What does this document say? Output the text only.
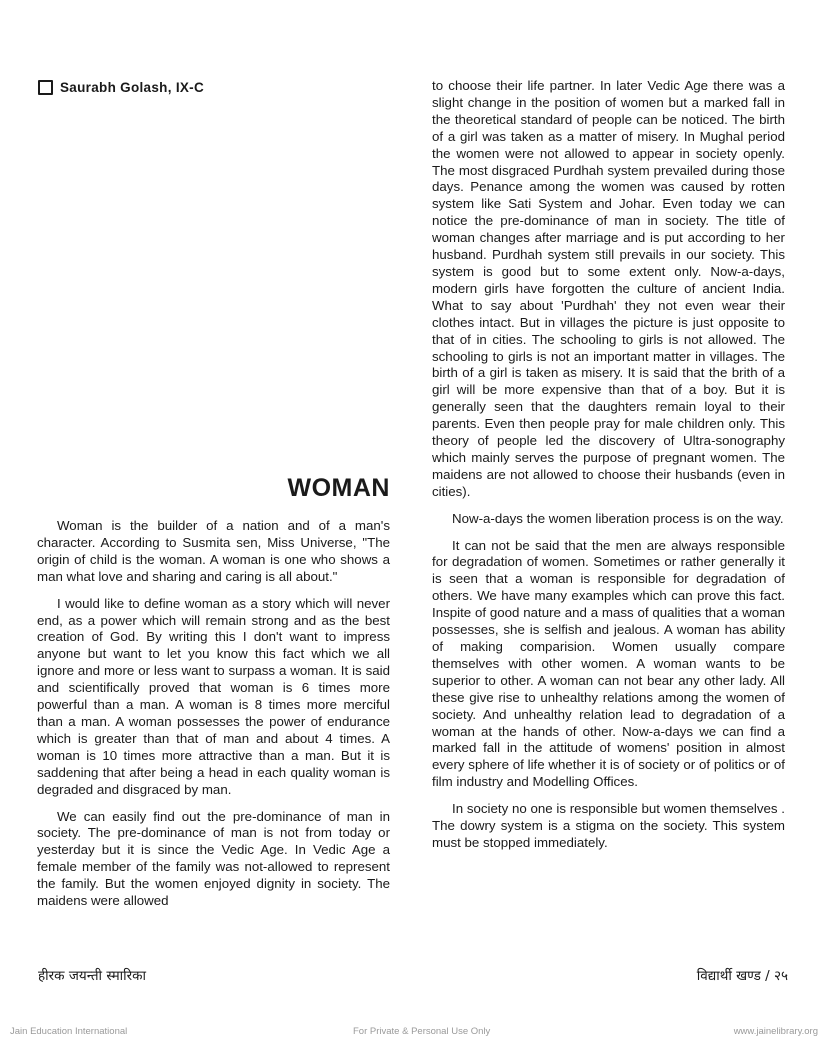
Saurabh Golash, IX-C
WOMAN

Woman is the builder of a nation and of a man's character. According to Susmita sen, Miss Universe, "The origin of child is the woman. A woman is one who shows a man what love and sharing and caring is all about."

I would like to define woman as a story which will never end, as a power which will remain strong and as the best creation of God. By writing this I don't want to impress anyone but want to let you know this fact which we all ignore and more or less want to surpass a woman. It is said and scientifically proved that woman is 6 times more powerful than a man. A woman is 8 times more merciful than a man. A woman possesses the power of endurance which is greater than that of man and about 4 times. A woman is 10 times more attractive than a man. But it is saddening that after being a head in each quality woman is degraded and disgraced by man.

We can easily find out the pre-dominance of man in society. The pre-dominance of man is not from today or yesterday but it is since the Vedic Age. In Vedic Age a female member of the family was not-allowed to represent the family. But the women enjoyed dignity in society. The maidens were allowed

to choose their life partner. In later Vedic Age there was a slight change in the position of women but a marked fall in the theoretical standard of people can be noticed. The birth of a girl was taken as a matter of misery. In Mughal period the women were not allowed to appear in society openly. The most disgraced Purdhah system prevailed during those days. Penance among the women was caused by rotten system like Sati System and Johar. Even today we can notice the pre-dominance of man in society. The title of woman changes after marriage and is put according to her husband. Purdhah system still prevails in our society. This system is good but to some extent only. Now-a-days, modern girls have forgotten the culture of ancient India. What to say about 'Purdhah' they not even wear their clothes intact. But in villages the picture is just opposite to that of in cities. The schooling to girls is not allowed. The schooling to girls is not an important matter in villages. The birth of a girl is taken as misery. It is said that the brith of a girl will be more expensive than that of a boy. But it is generally seen that the daughters remain loyal to their parents. Even then people pray for male children only. This theory of people led the discovery of Ultra-sonography which mainly serves the purpose of pregnant women. The maidens are not allowed to choose their husbands (even in cities).

Now-a-days the women liberation process is on the way.

It can not be said that the men are always responsible for degradation of women. Sometimes or rather generally it is seen that a woman is responsible for degradation of others. We have many examples which can prove this fact. Inspite of good nature and a mass of qualities that a woman possesses, she is selfish and jealous. A woman has ability of making comparision. Women usually compare themselves with other women. A woman wants to be superior to other. A woman can not bear any other lady. All these give rise to unhealthy relations among the women of society. And unhealthy relation lead to degradation of a woman at the hands of other. Now-a-days we can find a marked fall in the attitude of womens' position in almost every sphere of life whether it is of society or of politics or of film industry and Modelling Offices.

In society no one is responsible but women themselves . The dowry system is a stigma on the society. This system must be stopped immediately.

हीरक जयन्ती स्मारिका	विद्यार्थी खण्ड / २५
Jain Education International	For Private & Personal Use Only	www.jainelibrary.org
